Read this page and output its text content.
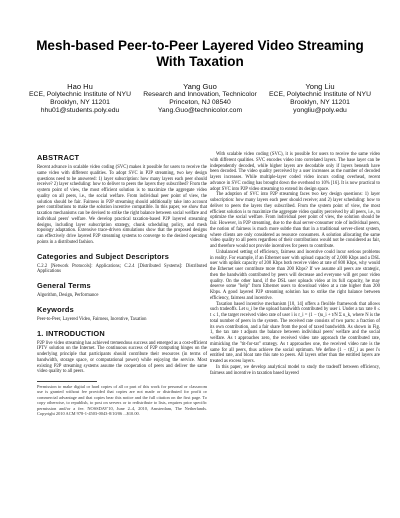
Mesh-based Peer-to-Peer Layered Video Streaming With Taxation
Hao Hu
ECE, Polytechnic Institute of NYU
Brooklyn, NY 11201
hhu01@students.poly.edu
Yang Guo
Research and Innovation, Technicolor
Princeton, NJ 08540
Yang.Guo@technicolor.com
Yong Liu
ECE, Polytechnic Institute of NYU
Brooklyn, NY 11201
yongliu@poly.edu
ABSTRACT

Recent advance in scalable video coding (SVC) makes it possible for users to receive the same video with different qualities. To adopt SVC in P2P streaming, two key design questions need to be answered: 1) layer subscription: how many layers each peer should receive? 2) layer scheduling: how to deliver to peers the layers they subscribed? From the system point of view, the most efficient solution is to maximize the aggregate video quality on all peers, i.e., the social welfare. From individual peer point of view, the solution should be fair. Fairness in P2P streaming should additionally take into account peer contributions to make the solution incentive compatible. In this paper, we show that taxation mechanisms can be devised to strike the right balance between social welfare and individual peers' welfare. We develop practical taxation-based P2P layered streaming designs, including layer subscription strategy, chunk scheduling policy, and mesh topology adaptation. Extensive trace-driven simulations show that the proposed designs can effectively drive layered P2P streaming systems to converge to the desired operating points in a distributed fashion.

Categories and Subject Descriptors

C.2.2 [Network Protocols]: Applications; C.2.4 [Distributed Systems]: Distributed Applications

General Terms

Algorithm, Design, Performance

Keywords

Peer-to-Peer, Layered Video, Fairness, Incentive, Taxation

1. INTRODUCTION

P2P live video streaming has achieved tremendous success and emerged as a cost-efficient IPTV solution on the Internet. The continuous success of P2P computing hinges on the underlying principle that participants should contribute their resources (in terms of bandwidth, storage space, or computational power) while enjoying the service. Most existing P2P streaming systems assume the cooperation of peers and deliver the same video quality to all peers.

Permission to make digital or hard copies of all or part of this work for personal or classroom use is granted without fee provided that copies are not made or distributed for profit or commercial advantage and that copies bear this notice and the full citation on the first page. To copy otherwise, to republish, to post on servers or to redistribute to lists, requires prior specific permission and/or a fee. NOSSDAV'10, June 2–4, 2010, Amsterdam, The Netherlands. Copyright 2010 ACM 978-1-4503-0043-8/10/06 ...$10.00.

With scalable video coding (SVC), it is possible for users to receive the same video with different qualities. SVC encodes video into correlated layers. The base layer can be independently decoded, while higher layers are decodable only if layers beneath have been decoded. The video quality perceived by a user increases as the number of decoded layers increases. While multiple-layer coded video incurs coding overhead, recent advance in SVC coding has brought down the overhead to 10% [16]. It is now practical to adopt SVC into P2P video streaming to extend its design space.

The adoption of SVC into P2P streaming faces two key design questions: 1) layer subscription: how many layers each peer should receive; and 2) layer scheduling: how to deliver to peers the layers they subscribed. From the system point of view, the most efficient solution is to maximize the aggregate video quality perceived by all peers, i.e., to optimize the social welfare. From individual peer point of view, the solution should be fair. However, in P2P streaming, due to the dual server-consumer role of individual peers, the notion of fairness is much more subtle than that in a traditional server-client system, where clients are only considered as resource consumers. A solution allocating the same video quality to all peers regardless of their contributions would not be considered as fair, and therefore would not provide incentives for peers to contribute.

Unbalanced setting of efficiency, fairness and incentive could incur serious problems in reality. For example, if an Ethernet user with upload capacity of 2,000 Kbps and a DSL user with uplink capacity of 200 Kbps both receive video at rate of 800 Kbps, why would the Ethernet user contribute more than 200 Kbps? If we assume all peers are strategic, then the bandwidth contributed by peers will decrease and everyone will get poor video quality. On the other hand, if the DSL user uploads video at its full capacity, he may deserve some "help" from Ethernet users to download video at a rate higher than 200 Kbps. A good layered P2P streaming solution has to strike the right balance between efficiency, fairness and incentive.

Taxation based incentive mechanism [10, 14] offers a flexible framework that allows such tradeoffs. Let u_i be the upload bandwidth contributed by user i. Under a tax rate 0 ≤ t ≤ 1, the target received video rate of user i is r_i = (1 − t)u_i + t/N Σ u_k, where N is the total number of peers in the system. The received rate consists of two parts: a fraction of its own contribution, and a fair share from the pool of taxed bandwidth. As shown in Fig. 1, the tax rate t adjusts the balance between individual peers' welfare and the social welfare. As t approaches zero, the received video rate approach the contributed rate, mimicking the "tit-for-tat" strategy. As t approaches one, the received video rate is the same for all peers, thus achieve the social optimum. We define (1 − t)U_i as peer i's entitled rate, and bloat rate this rate to peers. All layers other than the entitled layers are treated as excess layers.

In this paper, we develop analytical model to study the tradeoff between efficiency, fairness and incentive in taxation based layered
